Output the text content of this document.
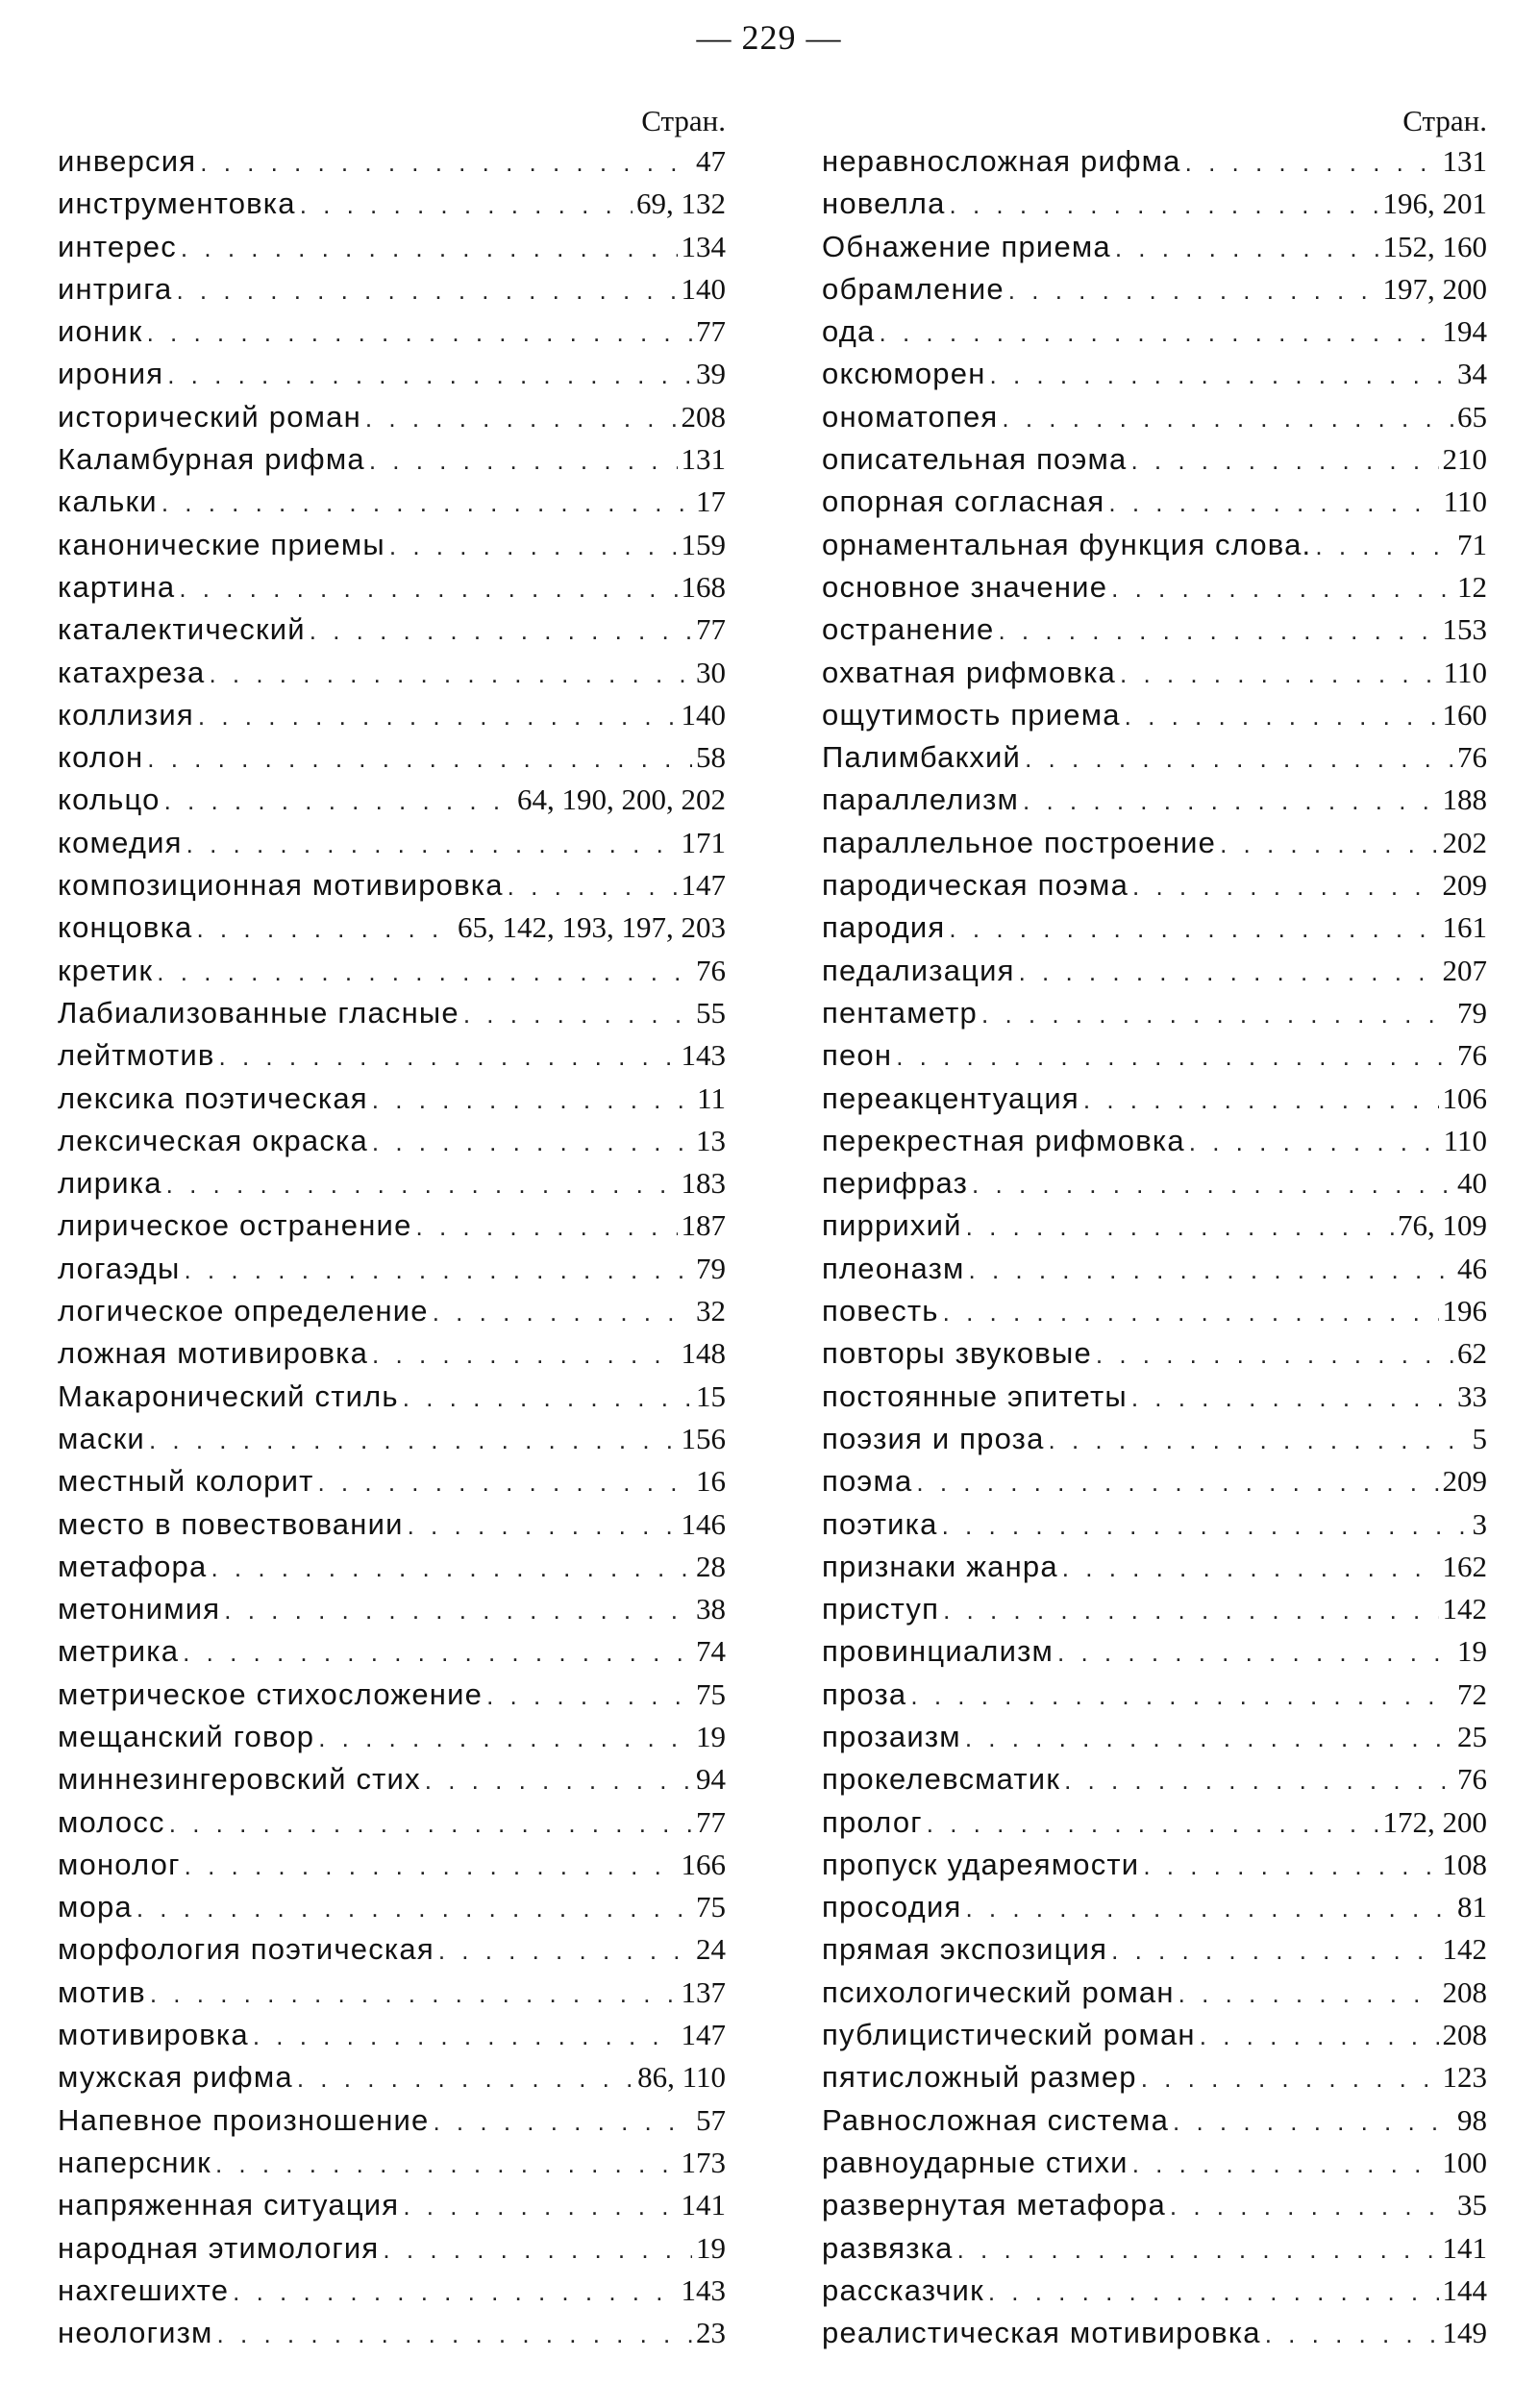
— 229 —
Стран.
инверсия . . .	47
инструментовка . . .	69, 132
интерес . . .	134
интрига . . .	140
ионик . . .	77
ирония . . .	39
исторический роман . . .	208
Каламбурная рифма . . .	131
кальки . . .	17
канонические приемы . . .	159
картина . . .	168
каталектический . . .	77
катахреза . . .	30
коллизия . . .	140
колон . . .	58
кольцо . . .	64, 190, 200, 202
комедия . . .	171
композиционная мотивировка . . .	147
концовка . . .	65, 142, 193, 197, 203
кретик . . .	76
Лабиализованные гласные . . .	55
лейтмотив . . .	143
лексика поэтическая . . .	11
лексическая окраска . . .	13
лирика . . .	183
лирическое остранение . . .	187
логаэды . . .	79
логическое определение . . .	32
ложная мотивировка . . .	148
Макаронический стиль . . .	15
маски . . .	156
местный колорит . . .	16
место в повествовании . . .	146
метафора . . .	28
метонимия . . .	38
метрика . . .	74
метрическое стихосложение . . .	75
мещанский говор . . .	19
миннезингеровский стих . . .	94
молосс . . .	77
монолог . . .	166
мора . . .	75
морфология поэтическая . . .	24
мотив . . .	137
мотивировка . . .	147
мужская рифма . . .	86, 110
Напевное произношение . . .	57
наперсник . . .	173
напряженная ситуация . . .	141
народная этимология . . .	19
нахгешихте . . .	143
неологизм . . .	23
Стран.
неравносложная рифма . . .	131
новелла . . .	196, 201
Обнажение приема . . .	152, 160
обрамление . . .	197, 200
ода . . .	194
оксюморен . . .	34
ономатопея . . .	65
описательная поэма . . .	210
опорная согласная . . .	110
орнаментальная функция слова. . . .	71
основное значение . . .	12
остранение . . .	153
охватная рифмовка . . .	110
ощутимость приема . . .	160
Палимбакхий . . .	76
параллелизм . . .	188
параллельное построение . . .	202
пародическая поэма . . .	209
пародия . . .	161
педализация . . .	207
пентаметр . . .	79
пеон . . .	76
переакцентуация . . .	106
перекрестная рифмовка . . .	110
перифраз . . .	40
пиррихий . . .	76, 109
плеоназм . . .	46
повесть . . .	196
повторы звуковые . . .	62
постоянные эпитеты . . .	33
поэзия и проза . . .	5
поэма . . .	209
поэтика . . .	3
признаки жанра . . .	162
приступ . . .	142
провинциализм . . .	19
проза . . .	72
прозаизм . . .	25
прокелевсматик . . .	76
пролог . . .	172, 200
пропуск удареямости . . .	108
просодия . . .	81
прямая экспозиция . . .	142
психологический роман . . .	208
публицистический роман . . .	208
пятисложный размер . . .	123
Равносложная система . . .	98
равноударные стихи . . .	100
развернутая метафора . . .	35
развязка . . .	141
рассказчик . . .	144
реалистическая мотивировка . . .	149
